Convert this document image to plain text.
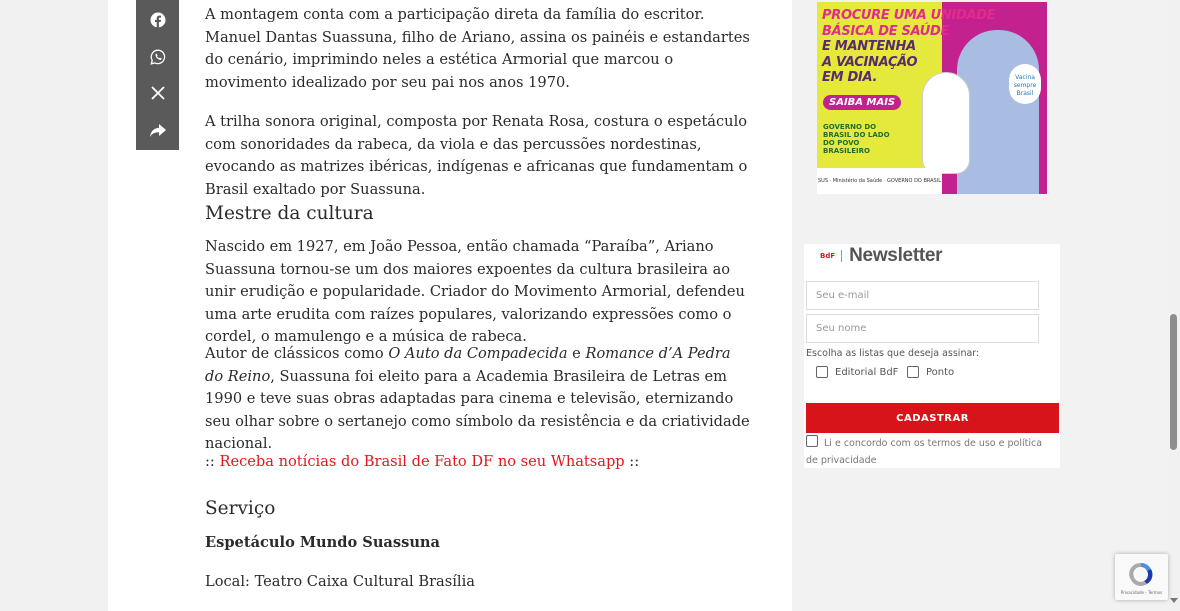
A montagem conta com a participação direta da família do escritor. Manuel Dantas Suassuna, filho de Ariano, assina os painéis e estandartes do cenário, imprimindo neles a estética Armorial que marcou o movimento idealizado por seu pai nos anos 1970.

A trilha sonora original, composta por Renata Rosa, costura o espetáculo com sonoridades da rabeca, da viola e das percussões nordestinas, evocando as matrizes ibéricas, indígenas e africanas que fundamentam o Brasil exaltado por Suassuna.

Mestre da cultura

Nascido em 1927, em João Pessoa, então chamada “Paraíba”, Ariano Suassuna tornou-se um dos maiores expoentes da cultura brasileira ao unir erudição e popularidade. Criador do Movimento Armorial, defendeu uma arte erudita com raízes populares, valorizando expressões como o cordel, o mamulengo e a música de rabeca.

Autor de clássicos como O Auto da Compadecida e Romance d’A Pedra do Reino, Suassuna foi eleito para a Academia Brasileira de Letras em 1990 e teve suas obras adaptadas para cinema e televisão, eternizando seu olhar sobre o sertanejo como símbolo da resistência e da criatividade nacional.

:: Receba notícias do Brasil de Fato DF no seu Whatsapp ::

Serviço

Espetáculo Mundo Suassuna

Local: Teatro Caixa Cultural Brasília

PROCURE UMA UNIDADE
BÁSICA DE SAÚDE
E MANTENHA
A VACINAÇÃO
EM DIA.
SAIBA MAIS
GOVERNO DO BRASIL DO LADO DO POVO BRASILEIRO
Vacina sempre Brasil
SUS · Ministério da Saúde · GOVERNO DO BRASIL
BdF Newsletter
Seu e-mail
Seu nome
Escolha as listas que deseja assinar:
Editorial BdF	Ponto
CADASTRAR
Li e concordo com os termos de uso e política de privacidade
Privacidade - Termos
